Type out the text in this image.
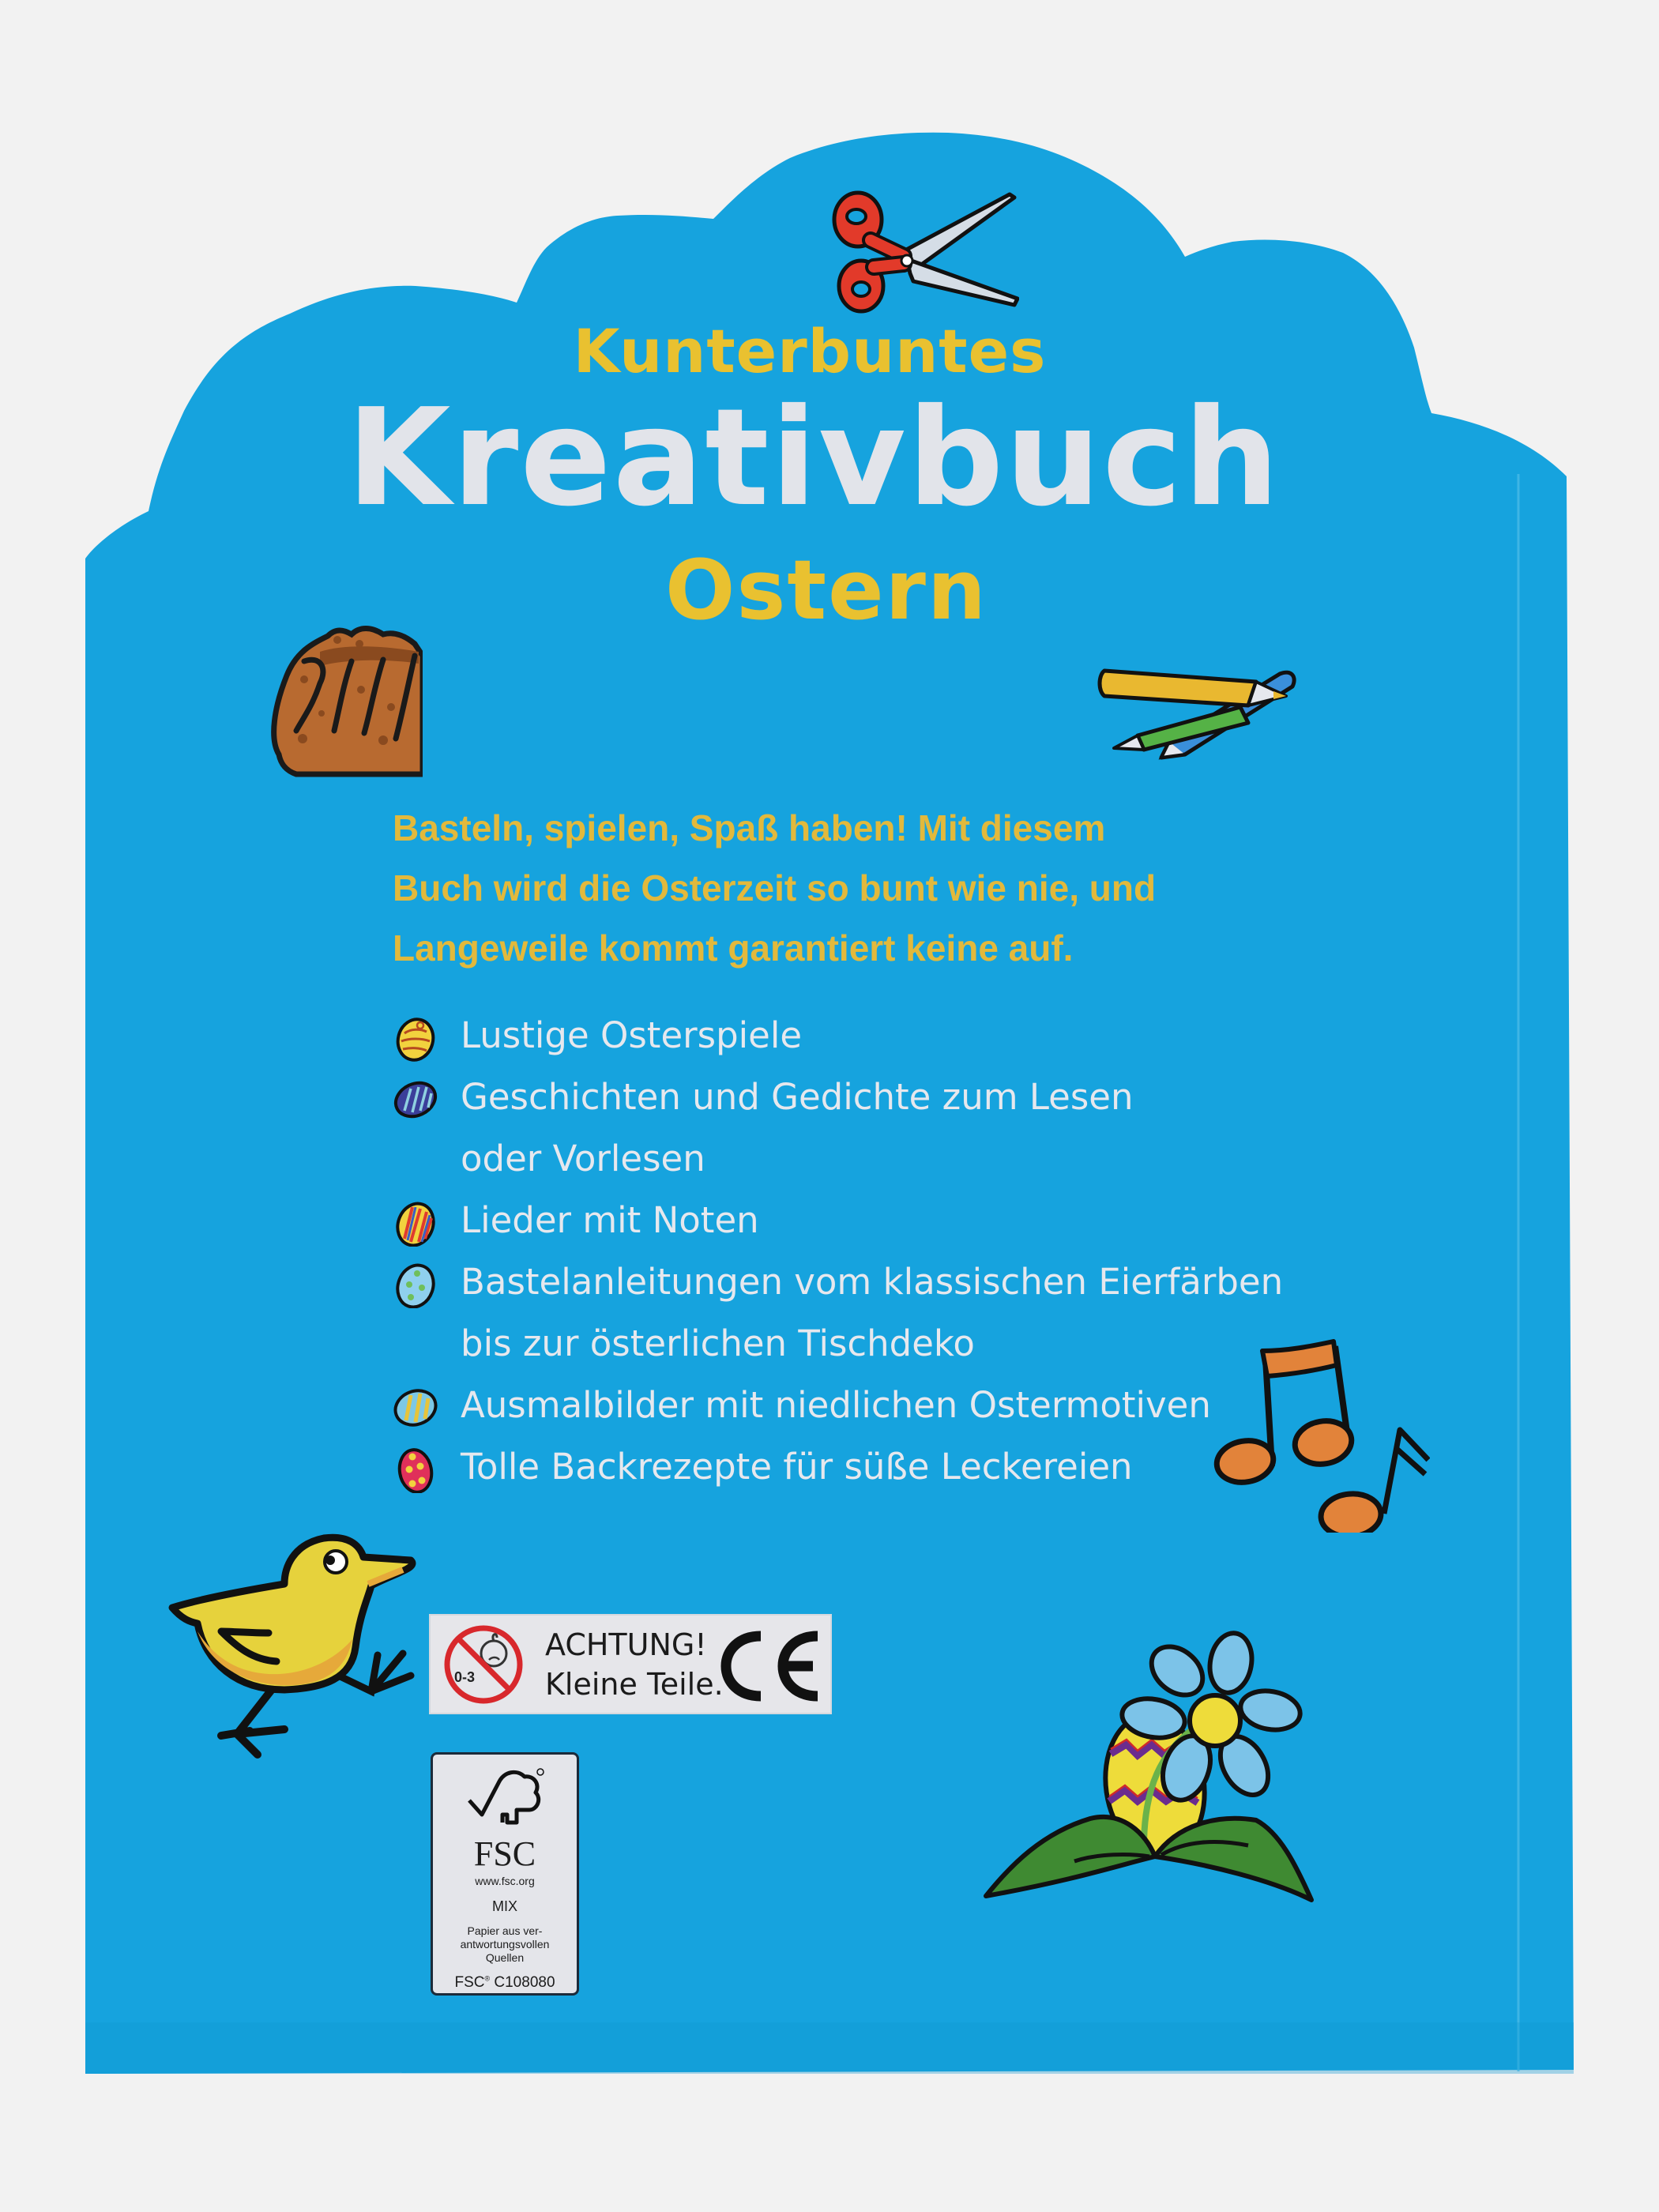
Kunterbuntes
Kreativbuch
Ostern
Basteln, spielen, Spaß haben! Mit diesem
Buch wird die Osterzeit so bunt wie nie, und
Langeweile kommt garantiert keine auf.
Lustige Osterspiele
Geschichten und Gedichte zum Lesen
oder Vorlesen
Lieder mit Noten
Bastelanleitungen vom klassischen Eierfärben
bis zur österlichen Tischdeko
Ausmalbilder mit niedlichen Ostermotiven
Tolle Backrezepte für süße Leckereien
0-3
ACHTUNG!
Kleine Teile.
FSC
www.fsc.org
MIX
Papier aus ver-
antwortungsvollen
Quellen
FSC® C108080
